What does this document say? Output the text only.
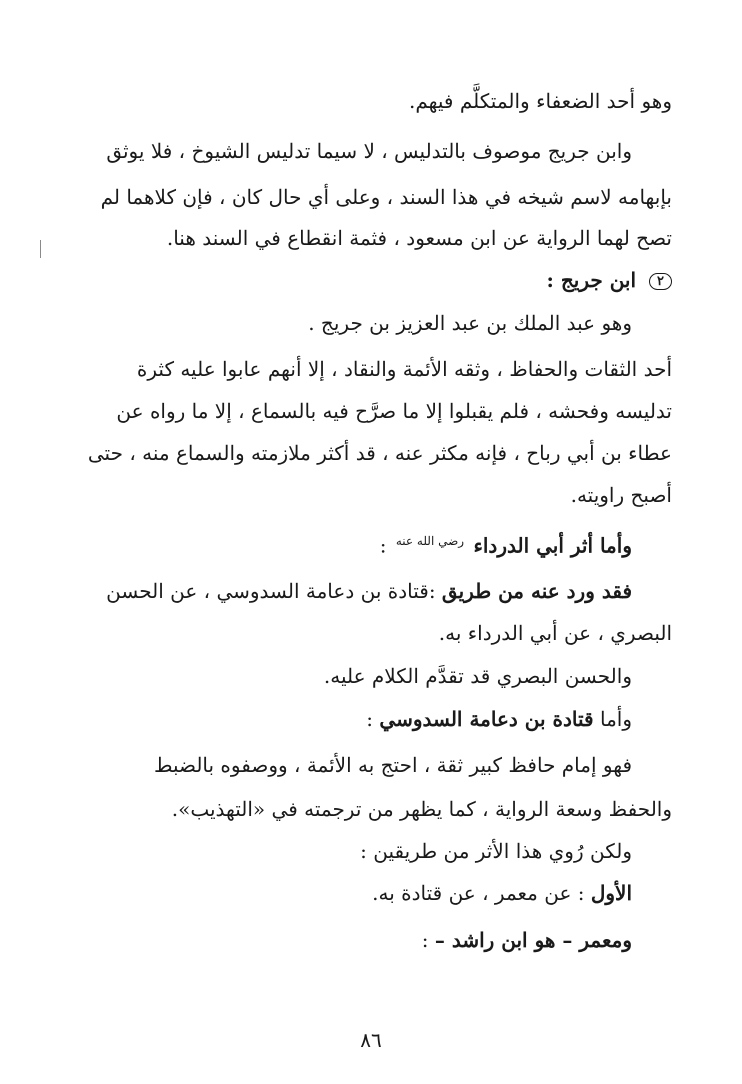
وهو أحد الضعفاء والمتكلَّم فيهم.
وابن جريج موصوف بالتدليس ، لا سيما تدليس الشيوخ ، فلا يوثق
بإبهامه لاسم شيخه في هذا السند ، وعلى أي حال كان ، فإن كلاهما لم
تصح لهما الرواية عن ابن مسعود ، فثمة انقطاع في السند هنا.
٢ ابن جريج :
وهو عبد الملك بن عبد العزيز بن جريج .
أحد الثقات والحفاظ ، وثقه الأئمة والنقاد ، إلا أنهم عابوا عليه كثرة
تدليسه وفحشه ، فلم يقبلوا إلا ما صرَّح فيه بالسماع ، إلا ما رواه عن
عطاء بن أبي رباح ، فإنه مكثر عنه ، قد أكثر ملازمته والسماع منه ، حتى
أصبح راويته.
وأما أثر أبي الدرداء $^{رضي الله عنه}$ :
فقد ورد عنه من طريق :قتادة بن دعامة السدوسي ، عن الحسن
البصري ، عن أبي الدرداء به.
والحسن البصري قد تقدَّم الكلام عليه.
وأما قتادة بن دعامة السدوسي :
فهو إمام حافظ كبير ثقة ، احتج به الأئمة ، ووصفوه بالضبط
والحفظ وسعة الرواية ، كما يظهر من ترجمته في «التهذيب».
ولكن رُوي هذا الأثر من طريقين :
الأول : عن معمر ، عن قتادة به.
ومعمر – هو ابن راشد – :
٨٦
